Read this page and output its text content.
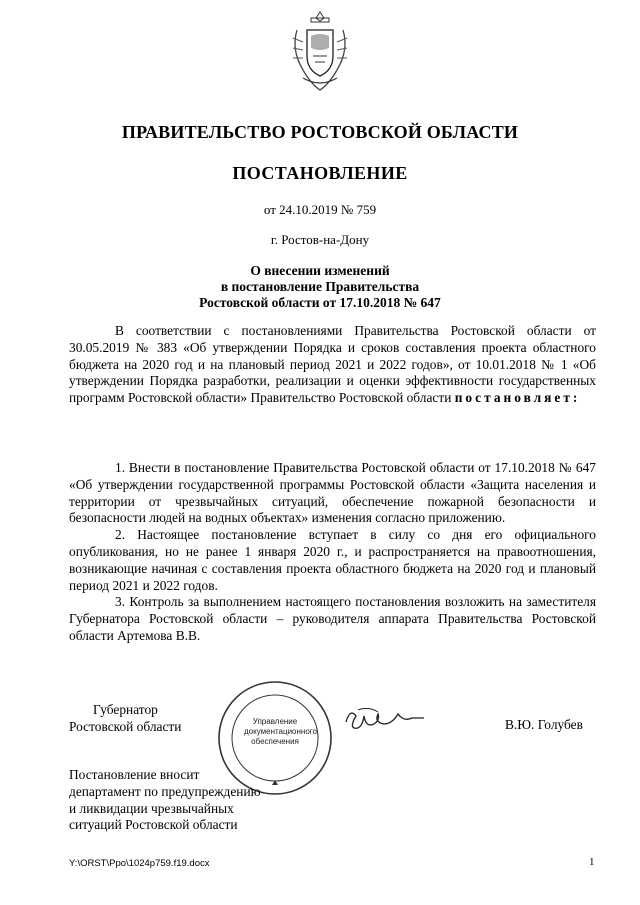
ПРАВИТЕЛЬСТВО РОСТОВСКОЙ ОБЛАСТИ
ПОСТАНОВЛЕНИЕ
от 24.10.2019 № 759
г. Ростов-на-Дону
О внесении изменений
в постановление Правительства
Ростовской области от 17.10.2018 № 647

В соответствии с постановлениями Правительства Ростовской области от 30.05.2019 № 383 «Об утверждении Порядка и сроков составления проекта областного бюджета на 2020 год и на плановый период 2021 и 2022 годов», от 10.01.2018 № 1 «Об утверждении Порядка разработки, реализации и оценки эффективности государственных программ Ростовской области» Правительство Ростовской области постановляет:

1. Внести в постановление Правительства Ростовской области от 17.10.2018 № 647 «Об утверждении государственной программы Ростовской области «Защита населения и территории от чрезвычайных ситуаций, обеспечение пожарной безопасности и безопасности людей на водных объектах» изменения согласно приложению.

2. Настоящее постановление вступает в силу со дня его официального опубликования, но не ранее 1 января 2020 г., и распространяется на правоотношения, возникающие начиная с составления проекта областного бюджета на 2020 год и плановый период 2021 и 2022 годов.

3. Контроль за выполнением настоящего постановления возложить на заместителя Губернатора Ростовской области – руководителя аппарата Правительства Ростовской области Артемова В.В.

Губернатор
Ростовской области	Управление
документационного
обеспечения
В.Ю. Голубев
Постановление вносит
департамент по предупреждению
и ликвидации чрезвычайных
ситуаций Ростовской области
Y:\ORST\Ppo\1024p759.f19.docx	1
